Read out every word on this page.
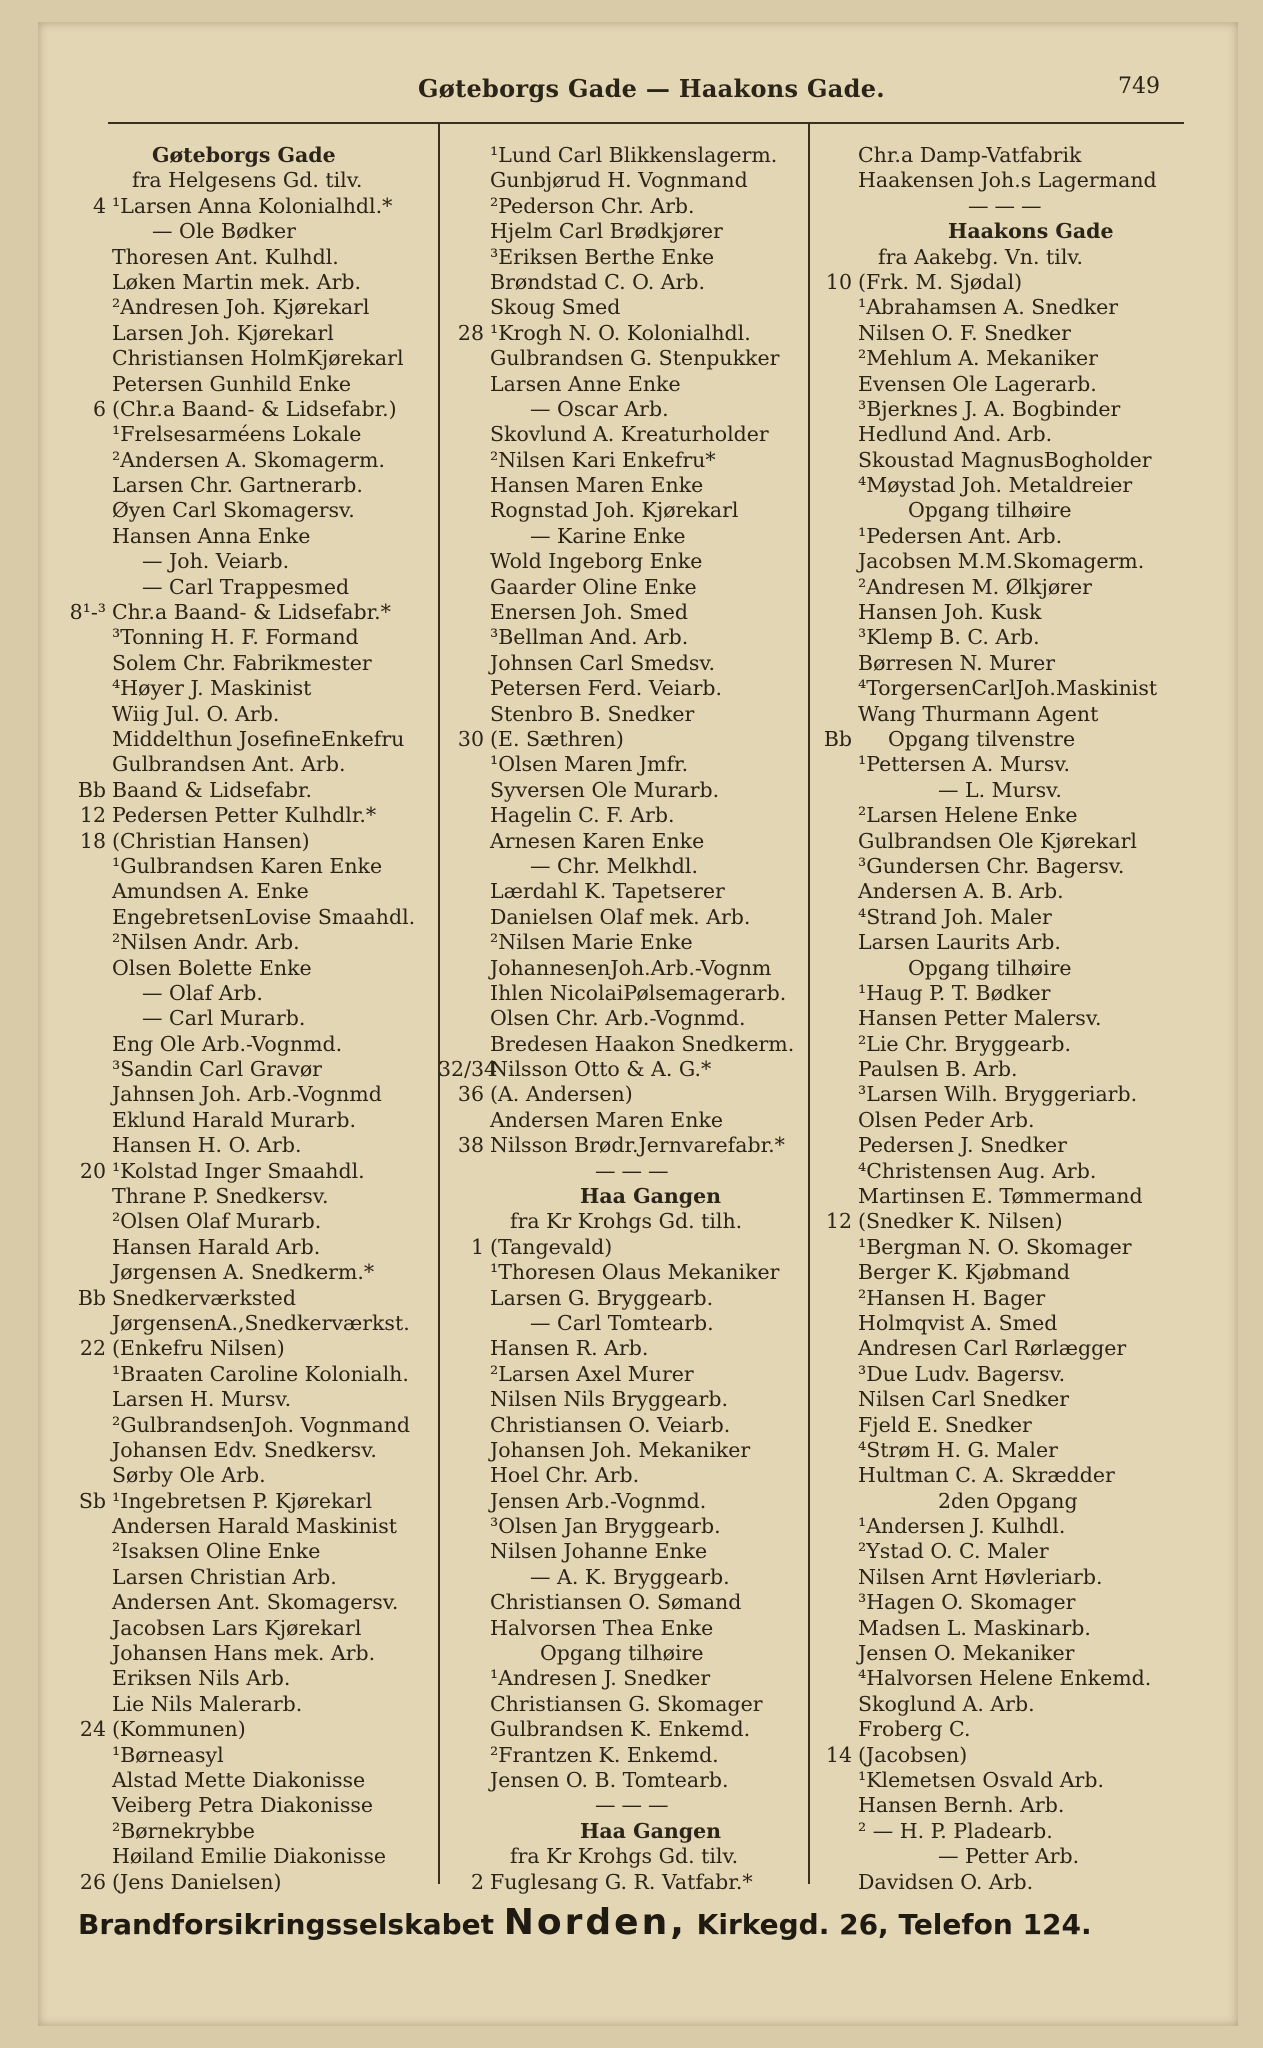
Gøteborgs Gade — Haakons Gade.	749
Gøteborgs Gade
fra Helgesens Gd. tilv.
4 ¹Larsen Anna Kolonialhdl.*
— Ole Bødker
Thoresen Ant. Kulhdl.
Løken Martin mek. Arb.
²Andresen Joh. Kjørekarl
Larsen Joh. Kjørekarl
Christiansen HolmKjørekarl
Petersen Gunhild Enke
6 (Chr.a Baand- & Lidsefabr.)
¹Frelsesarméens Lokale
²Andersen A. Skomagerm.
Larsen Chr. Gartnerarb.
Øyen Carl Skomagersv.
Hansen Anna Enke
— Joh. Veiarb.
— Carl Trappesmed
8¹-³ Chr.a Baand- & Lidsefabr.*
³Tonning H. F. Formand
Solem Chr. Fabrikmester
⁴Høyer J. Maskinist
Wiig Jul. O. Arb.
Middelthun JosefineEnkefru
Gulbrandsen Ant. Arb.
Bb Baand & Lidsefabr.
12 Pedersen Petter Kulhdlr.*
18 (Christian Hansen)
¹Gulbrandsen Karen Enke
Amundsen A. Enke
EngebretsenLovise Smaahdl.
²Nilsen Andr. Arb.
Olsen Bolette Enke
— Olaf Arb.
— Carl Murarb.
Eng Ole Arb.-Vognmd.
³Sandin Carl Gravør
Jahnsen Joh. Arb.-Vognmd
Eklund Harald Murarb.
Hansen H. O. Arb.
20 ¹Kolstad Inger Smaahdl.
Thrane P. Snedkersv.
²Olsen Olaf Murarb.
Hansen Harald Arb.
Jørgensen A. Snedkerm.*
Bb Snedkerværksted
JørgensenA.,Snedkerværkst.
22 (Enkefru Nilsen)
¹Braaten Caroline Kolonialh.
Larsen H. Mursv.
²GulbrandsenJoh. Vognmand
Johansen Edv. Snedkersv.
Sørby Ole Arb.
Sb ¹Ingebretsen P. Kjørekarl
Andersen Harald Maskinist
²Isaksen Oline Enke
Larsen Christian Arb.
Andersen Ant. Skomagersv.
Jacobsen Lars Kjørekarl
Johansen Hans mek. Arb.
Eriksen Nils Arb.
Lie Nils Malerarb.
24 (Kommunen)
¹Børneasyl
Alstad Mette Diakonisse
Veiberg Petra Diakonisse
²Børnekrybbe
Høiland Emilie Diakonisse
26 (Jens Danielsen)
¹Lund Carl Blikkenslagerm.
Gunbjørud H. Vognmand
²Pederson Chr. Arb.
Hjelm Carl Brødkjører
³Eriksen Berthe Enke
Brøndstad C. O. Arb.
Skoug Smed
28 ¹Krogh N. O. Kolonialhdl.
Gulbrandsen G. Stenpukker
Larsen Anne Enke
— Oscar Arb.
Skovlund A. Kreaturholder
²Nilsen Kari Enkefru*
Hansen Maren Enke
Rognstad Joh. Kjørekarl
— Karine Enke
Wold Ingeborg Enke
Gaarder Oline Enke
Enersen Joh. Smed
³Bellman And. Arb.
Johnsen Carl Smedsv.
Petersen Ferd. Veiarb.
Stenbro B. Snedker
30 (E. Sæthren)
¹Olsen Maren Jmfr.
Syversen Ole Murarb.
Hagelin C. F. Arb.
Arnesen Karen Enke
— Chr. Melkhdl.
Lærdahl K. Tapetserer
Danielsen Olaf mek. Arb.
²Nilsen Marie Enke
JohannesenJoh.Arb.-Vognm
Ihlen NicolaiPølsemagerarb.
Olsen Chr. Arb.-Vognmd.
Bredesen Haakon Snedkerm.
32/34Nilsson Otto & A. G.*
36 (A. Andersen)
Andersen Maren Enke
38 Nilsson Brødr.Jernvarefabr.*
———
Haa Gangen
fra Kr Krohgs Gd. tilh.
1 (Tangevald)
¹Thoresen Olaus Mekaniker
Larsen G. Bryggearb.
— Carl Tomtearb.
Hansen R. Arb.
²Larsen Axel Murer
Nilsen Nils Bryggearb.
Christiansen O. Veiarb.
Johansen Joh. Mekaniker
Hoel Chr. Arb.
Jensen Arb.-Vognmd.
³Olsen Jan Bryggearb.
Nilsen Johanne Enke
— A. K. Bryggearb.
Christiansen O. Sømand
Halvorsen Thea Enke
Opgang tilhøire
¹Andresen J. Snedker
Christiansen G. Skomager
Gulbrandsen K. Enkemd.
²Frantzen K. Enkemd.
Jensen O. B. Tomtearb.
———
Haa Gangen
fra Kr Krohgs Gd. tilv.
2 Fuglesang G. R. Vatfabr.*
Chr.a Damp-Vatfabrik
Haakensen Joh.s Lagermand
———
Haakons Gade
fra Aakebg. Vn. tilv.
10 (Frk. M. Sjødal)
¹Abrahamsen A. Snedker
Nilsen O. F. Snedker
²Mehlum A. Mekaniker
Evensen Ole Lagerarb.
³Bjerknes J. A. Bogbinder
Hedlund And. Arb.
Skoustad MagnusBogholder
⁴Møystad Joh. Metaldreier
Opgang tilhøire
¹Pedersen Ant. Arb.
Jacobsen M.M.Skomagerm.
²Andresen M. Ølkjører
Hansen Joh. Kusk
³Klemp B. C. Arb.
Børresen N. Murer
⁴TorgersenCarlJoh.Maskinist
Wang Thurmann Agent
Bb Opgang tilvenstre
¹Pettersen A. Mursv.
— L. Mursv.
²Larsen Helene Enke
Gulbrandsen Ole Kjørekarl
³Gundersen Chr. Bagersv.
Andersen A. B. Arb.
⁴Strand Joh. Maler
Larsen Laurits Arb.
Opgang tilhøire
¹Haug P. T. Bødker
Hansen Petter Malersv.
²Lie Chr. Bryggearb.
Paulsen B. Arb.
³Larsen Wilh. Bryggeriarb.
Olsen Peder Arb.
Pedersen J. Snedker
⁴Christensen Aug. Arb.
Martinsen E. Tømmermand
12 (Snedker K. Nilsen)
¹Bergman N. O. Skomager
Berger K. Kjøbmand
²Hansen H. Bager
Holmqvist A. Smed
Andresen Carl Rørlægger
³Due Ludv. Bagersv.
Nilsen Carl Snedker
Fjeld E. Snedker
⁴Strøm H. G. Maler
Hultman C. A. Skrædder
2den Opgang
¹Andersen J. Kulhdl.
²Ystad O. C. Maler
Nilsen Arnt Høvleriarb.
³Hagen O. Skomager
Madsen L. Maskinarb.
Jensen O. Mekaniker
⁴Halvorsen Helene Enkemd.
Skoglund A. Arb.
Froberg C.
14 (Jacobsen)
¹Klemetsen Osvald Arb.
Hansen Bernh. Arb.
² — H. P. Pladearb.
— Petter Arb.
Davidsen O. Arb.
Brandforsikringsselskabet Norden, Kirkegd. 26, Telefon 124.
